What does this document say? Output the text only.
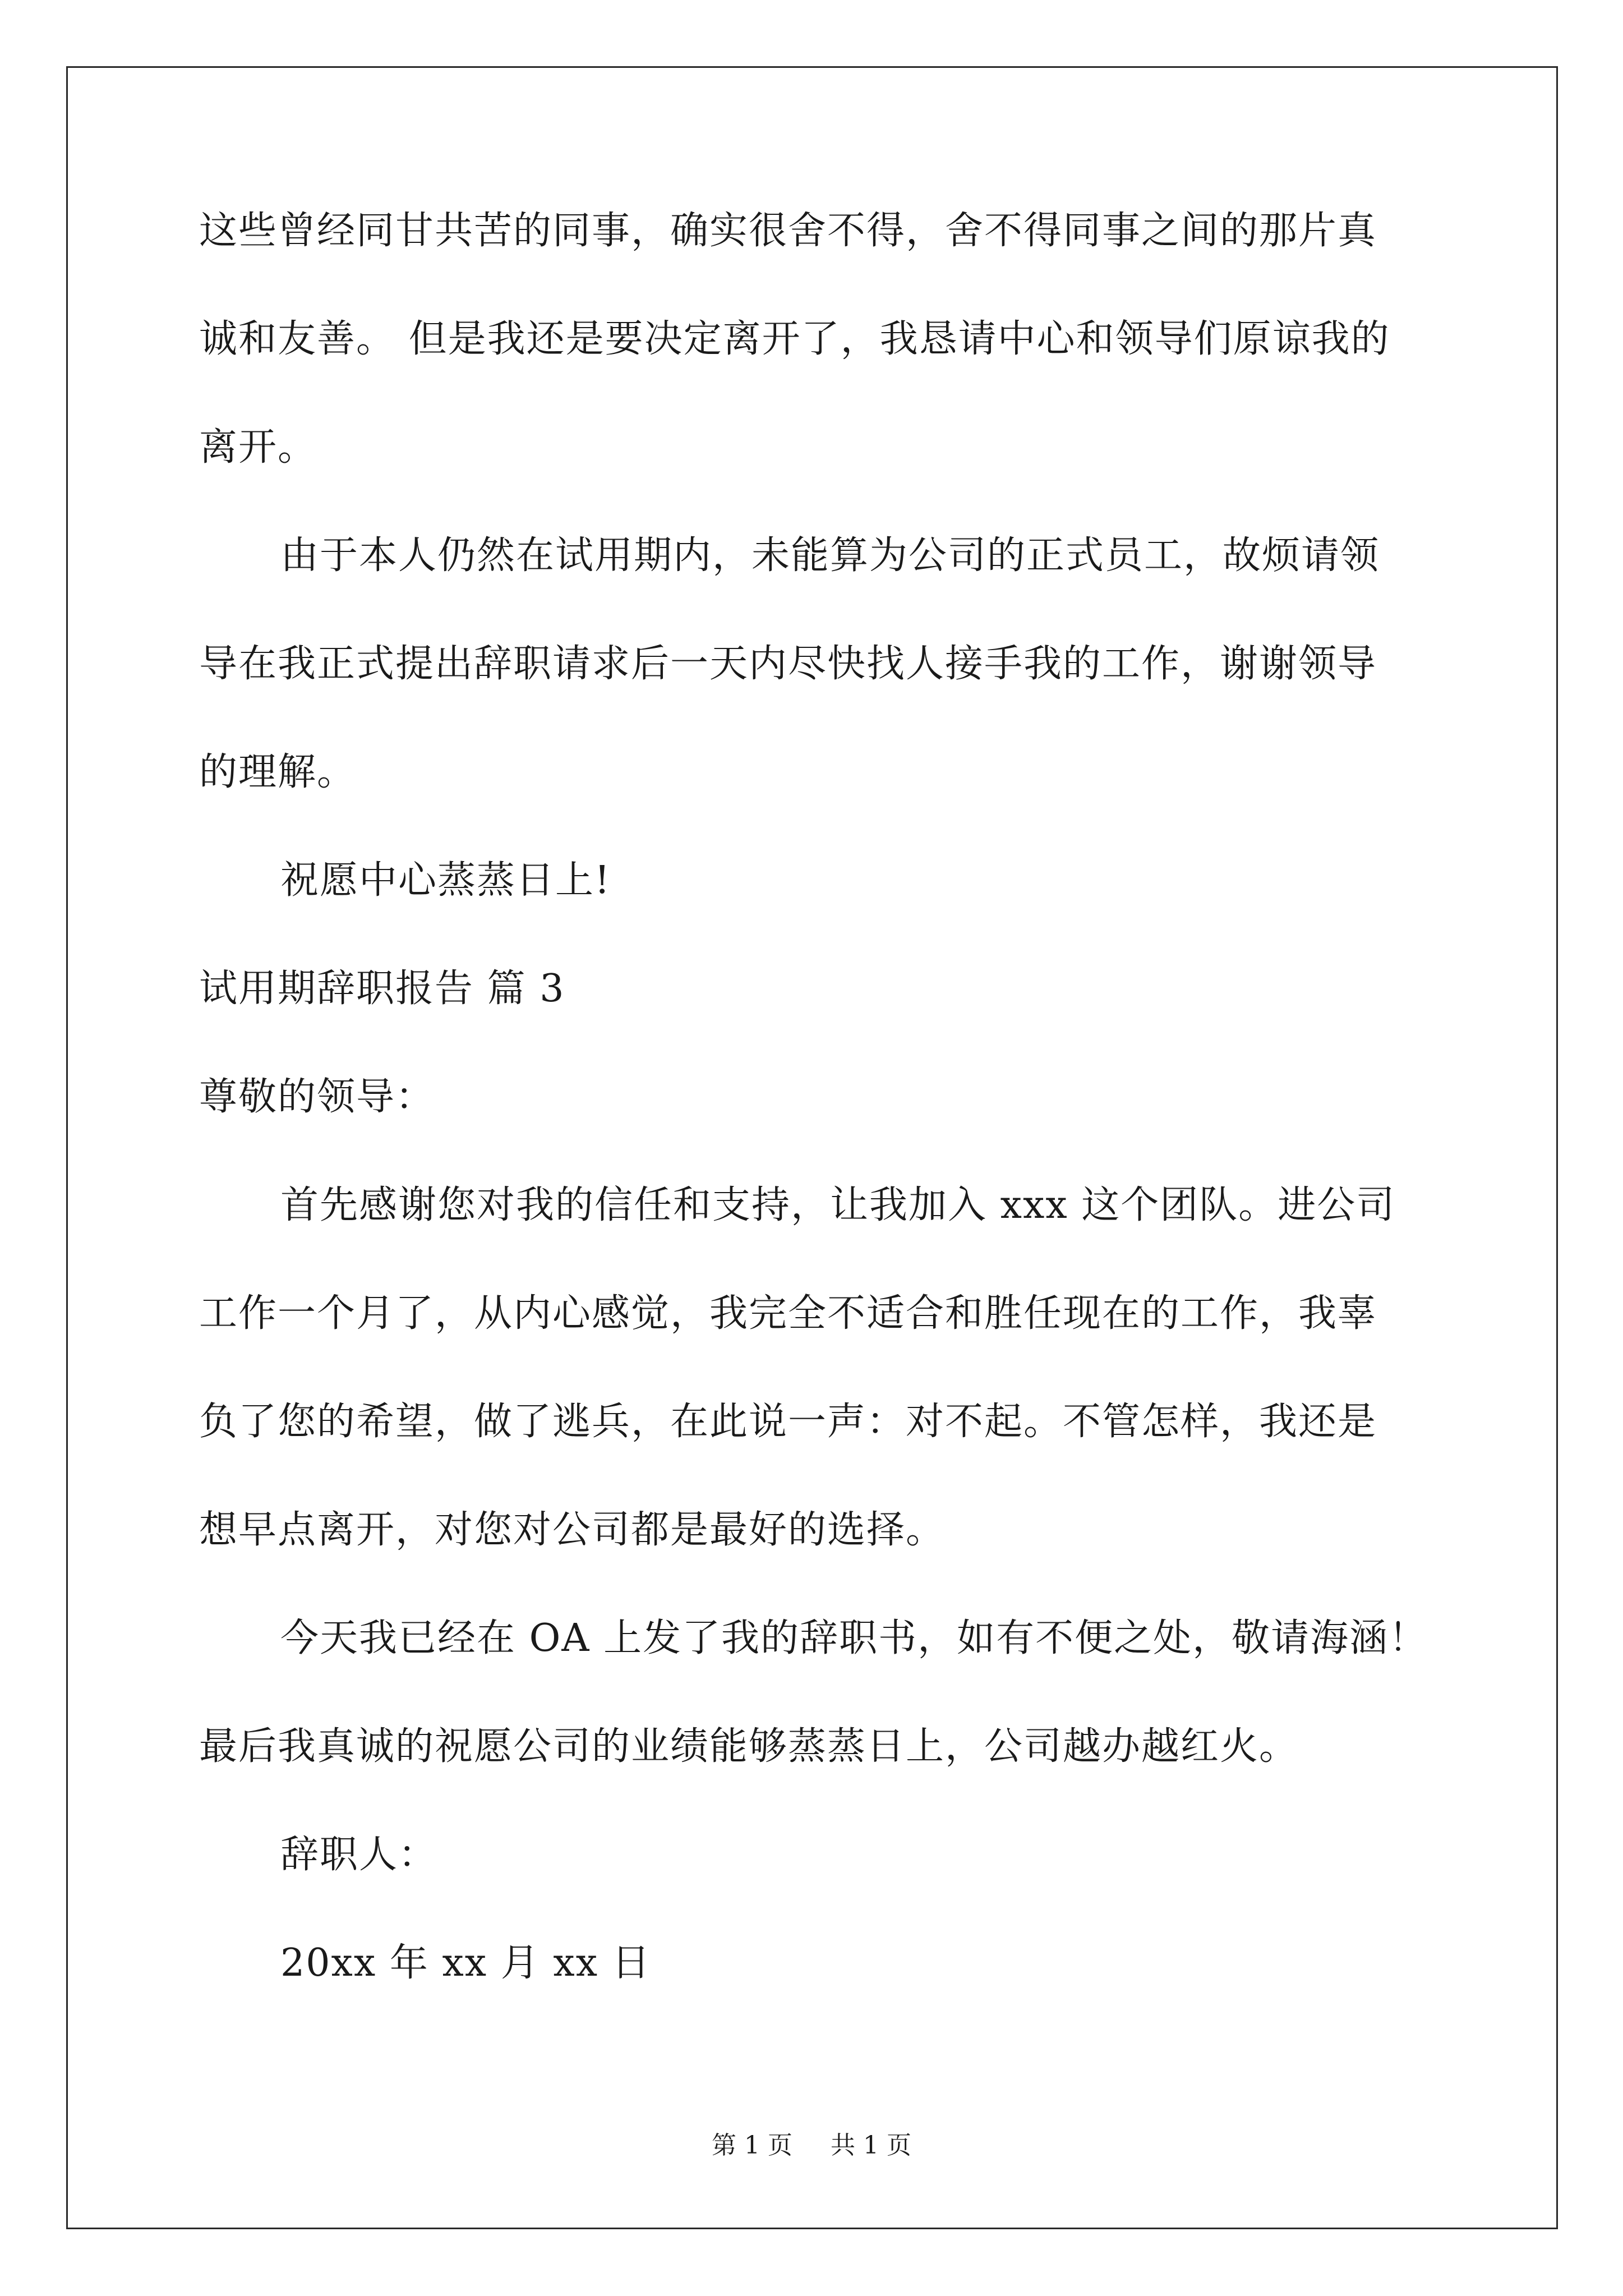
这些曾经同甘共苦的同事，确实很舍不得，舍不得同事之间的那片真
诚和友善。 但是我还是要决定离开了，我恳请中心和领导们原谅我的
离开。
由于本人仍然在试用期内，未能算为公司的正式员工，故烦请领
导在我正式提出辞职请求后一天内尽快找人接手我的工作，谢谢领导
的理解。
祝愿中心蒸蒸日上!
试用期辞职报告 篇 3
尊敬的领导：
首先感谢您对我的信任和支持，让我加入 xxx 这个团队。进公司
工作一个月了，从内心感觉，我完全不适合和胜任现在的工作，我辜
负了您的希望，做了逃兵，在此说一声：对不起。不管怎样，我还是
想早点离开，对您对公司都是最好的选择。
今天我已经在 OA 上发了我的辞职书，如有不便之处，敬请海涵！
最后我真诚的祝愿公司的业绩能够蒸蒸日上，公司越办越红火。
辞职人：
20xx 年 xx 月 xx 日
第 1 页 共 1 页
